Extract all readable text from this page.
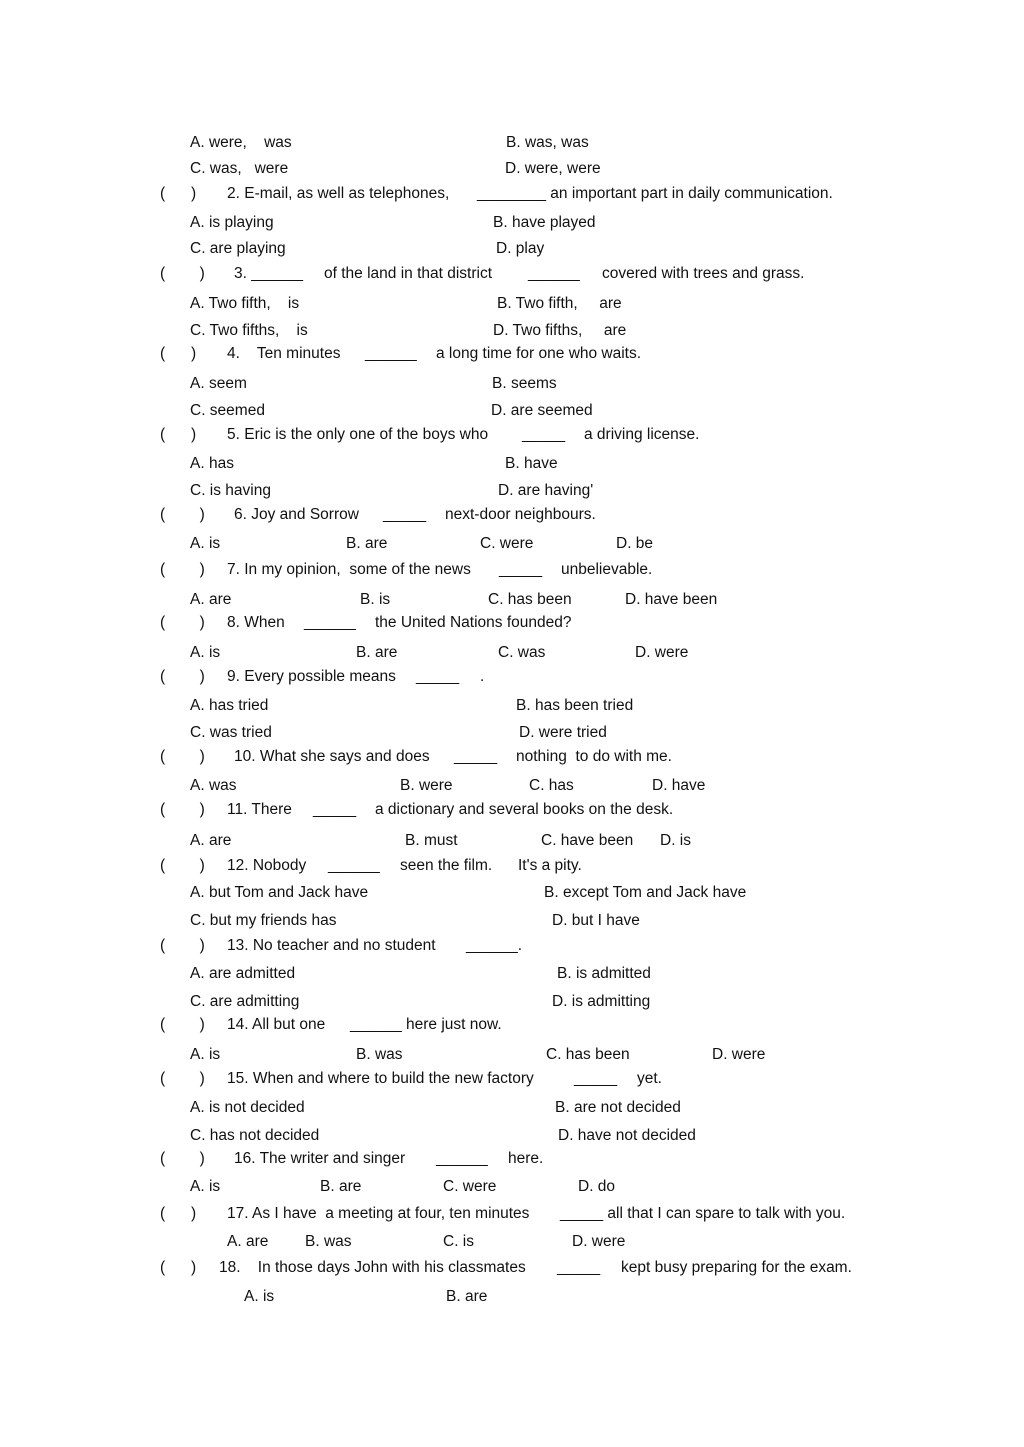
A. were,    was	B. was, was
C. was,   were	D. were, were
(      ) 2. E-mail, as well as telephones, ________ an important part in daily communication.
A. is playing	B. have played
C. are playing	D. play
(        ) 3. ______ of the land in that district ______ covered with trees and grass.
A. Two fifth,    is	B. Two fifth,     are
C. Two fifths,    is	D. Two fifths,     are
(      ) 4.    Ten minutes ______ a long time for one who waits.
A. seem	B. seems
C. seemed	D. are seemed
(      ) 5. Eric is the only one of the boys who _____ a driving license.
A. has	B. have
C. is having	D. are having'
(        ) 6. Joy and Sorrow _____ next-door neighbours.
A. is	B. are	C. were	D. be
(        ) 7. In my opinion,  some of the news _____ unbelievable.
A. are	B. is	C. has been	D. have been
(        ) 8. When ______ the United Nations founded?
A. is	B. are	C. was	D. were
(        ) 9. Every possible means _____ .
A. has tried	B. has been tried
C. was tried	D. were tried
(        ) 10. What she says and does _____ nothing  to do with me.
A. was	B. were	C. has	D. have
(        ) 11. There _____ a dictionary and several books on the desk.
A. are	B. must	C. have been D. is
(        ) 12. Nobody ______ seen the film. It's a pity.
A. but Tom and Jack have	B. except Tom and Jack have
C. but my friends has	D. but I have
(        ) 13. No teacher and no student ______.
A. are admitted	B. is admitted
C. are admitting	D. is admitting
(        ) 14. All but one ______ here just now.
A. is	B. was	C. has been	D. were
(        ) 15. When and where to build the new factory	_____ yet.
A. is not decided	B. are not decided
C. has not decided	D. have not decided
(        ) 16. The writer and singer ______ here.
A. is	B. are	C. were	D. do
(      ) 17. As I have  a meeting at four, ten minutes _____ all that I can spare to talk with you.
A. are B. was	C. is	D. were
(      ) 18.    In those days John with his classmates _____ kept busy preparing for the exam.
A. is	B. are
